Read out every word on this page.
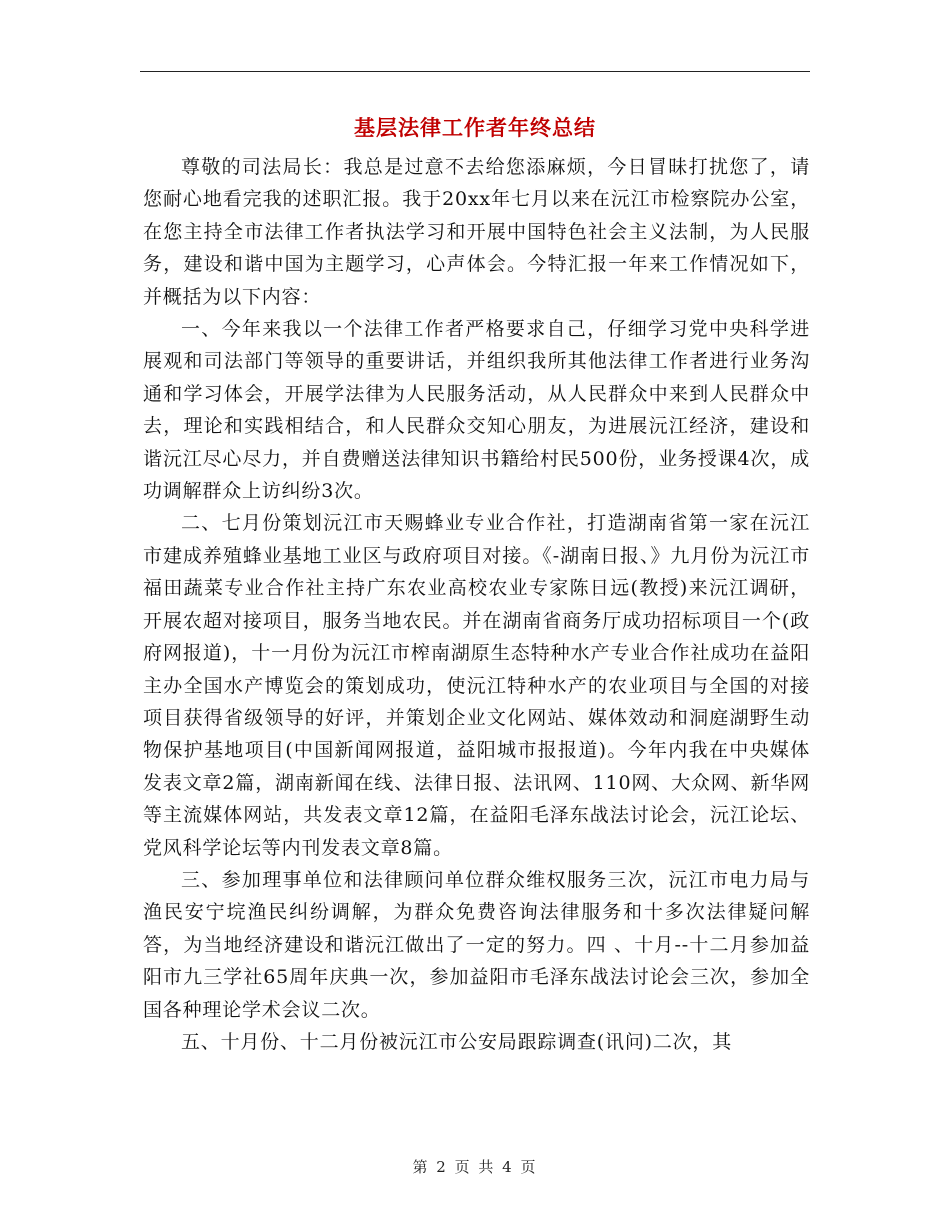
基层法律工作者年终总结

尊敬的司法局长：我总是过意不去给您添麻烦，今日冒昧打扰您了，请您耐心地看完我的述职汇报。我于20xx年七月以来在沅江市检察院办公室，在您主持全市法律工作者执法学习和开展中国特色社会主义法制，为人民服务，建设和谐中国为主题学习，心声体会。今特汇报一年来工作情况如下，并概括为以下内容：

一、今年来我以一个法律工作者严格要求自己，仔细学习党中央科学进展观和司法部门等领导的重要讲话，并组织我所其他法律工作者进行业务沟通和学习体会，开展学法律为人民服务活动，从人民群众中来到人民群众中去，理论和实践相结合，和人民群众交知心朋友，为进展沅江经济，建设和谐沅江尽心尽力，并自费赠送法律知识书籍给村民500份，业务授课4次，成功调解群众上访纠纷3次。

二、七月份策划沅江市天赐蜂业专业合作社，打造湖南省第一家在沅江市建成养殖蜂业基地工业区与政府项目对接。《-湖南日报、》九月份为沅江市福田蔬菜专业合作社主持广东农业高校农业专家陈日远(教授)来沅江调研，开展农超对接项目，服务当地农民。并在湖南省商务厅成功招标项目一个(政府网报道)，十一月份为沅江市榨南湖原生态特种水产专业合作社成功在益阳主办全国水产博览会的策划成功，使沅江特种水产的农业项目与全国的对接项目获得省级领导的好评，并策划企业文化网站、媒体效动和洞庭湖野生动物保护基地项目(中国新闻网报道，益阳城市报报道)。今年内我在中央媒体发表文章2篇，湖南新闻在线、法律日报、法讯网、110网、大众网、新华网等主流媒体网站，共发表文章12篇，在益阳毛泽东战法讨论会，沅江论坛、党风科学论坛等内刊发表文章8篇。

三、参加理事单位和法律顾问单位群众维权服务三次，沅江市电力局与渔民安宁垸渔民纠纷调解，为群众免费咨询法律服务和十多次法律疑问解答，为当地经济建设和谐沅江做出了一定的努力。四 、十月--十二月参加益阳市九三学社65周年庆典一次，参加益阳市毛泽东战法讨论会三次，参加全国各种理论学术会议二次。

五、十月份、十二月份被沅江市公安局跟踪调查(讯问)二次，其

第 2 页 共 4 页
